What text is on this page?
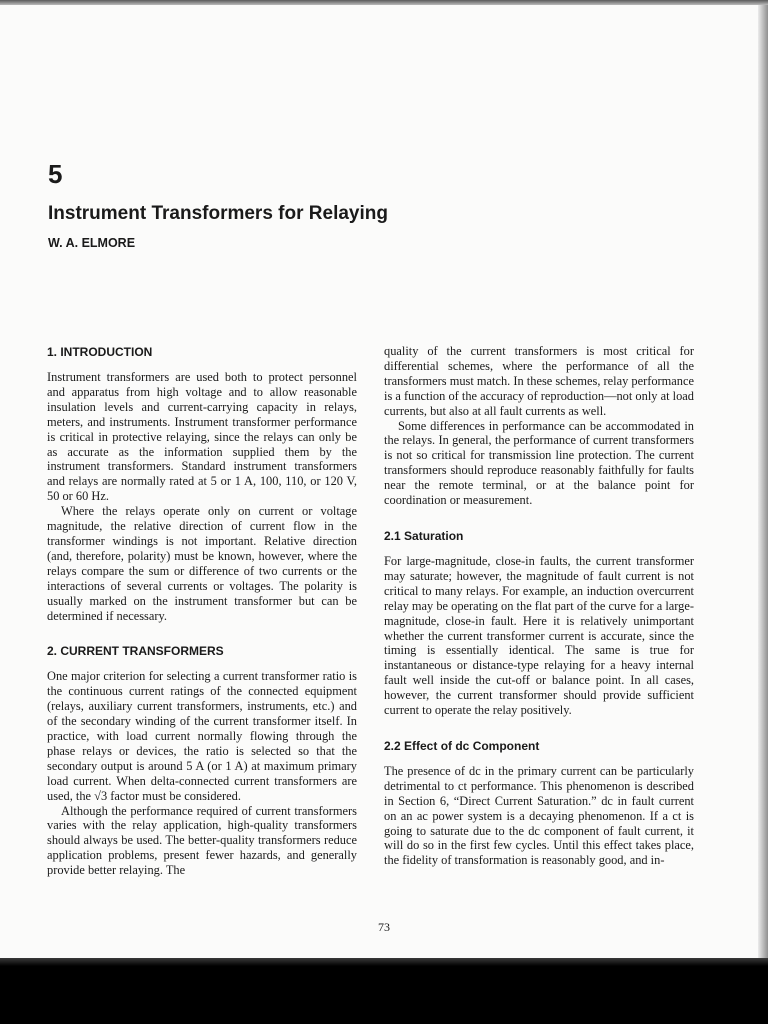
5
Instrument Transformers for Relaying
W. A. ELMORE
1. INTRODUCTION

Instrument transformers are used both to protect personnel and apparatus from high voltage and to allow reasonable insulation levels and current-carrying capacity in relays, meters, and instruments. Instrument transformer performance is critical in protective relaying, since the relays can only be as accurate as the information supplied them by the instrument transformers. Standard instrument transformers and relays are normally rated at 5 or 1 A, 100, 110, or 120 V, 50 or 60 Hz.

Where the relays operate only on current or voltage magnitude, the relative direction of current flow in the transformer windings is not important. Relative direction (and, therefore, polarity) must be known, however, where the relays compare the sum or difference of two currents or the interactions of several currents or voltages. The polarity is usually marked on the instrument transformer but can be determined if necessary.

2. CURRENT TRANSFORMERS

One major criterion for selecting a current transformer ratio is the continuous current ratings of the connected equipment (relays, auxiliary current transformers, instruments, etc.) and of the secondary winding of the current transformer itself. In practice, with load current normally flowing through the phase relays or devices, the ratio is selected so that the secondary output is around 5 A (or 1 A) at maximum primary load current. When delta-connected current transformers are used, the √3 factor must be considered.

Although the performance required of current transformers varies with the relay application, high-quality transformers should always be used. The better-quality transformers reduce application problems, present fewer hazards, and generally provide better relaying. The

quality of the current transformers is most critical for differential schemes, where the performance of all the transformers must match. In these schemes, relay performance is a function of the accuracy of reproduction—not only at load currents, but also at all fault currents as well.

Some differences in performance can be accommodated in the relays. In general, the performance of current transformers is not so critical for transmission line protection. The current transformers should reproduce reasonably faithfully for faults near the remote terminal, or at the balance point for coordination or measurement.

2.1 Saturation

For large-magnitude, close-in faults, the current transformer may saturate; however, the magnitude of fault current is not critical to many relays. For example, an induction overcurrent relay may be operating on the flat part of the curve for a large-magnitude, close-in fault. Here it is relatively unimportant whether the current transformer current is accurate, since the timing is essentially identical. The same is true for instantaneous or distance-type relaying for a heavy internal fault well inside the cut-off or balance point. In all cases, however, the current transformer should provide sufficient current to operate the relay positively.

2.2 Effect of dc Component

The presence of dc in the primary current can be particularly detrimental to ct performance. This phenomenon is described in Section 6, “Direct Current Saturation.” dc in fault current on an ac power system is a decaying phenomenon. If a ct is going to saturate due to the dc component of fault current, it will do so in the first few cycles. Until this effect takes place, the fidelity of transformation is reasonably good, and in-

73
